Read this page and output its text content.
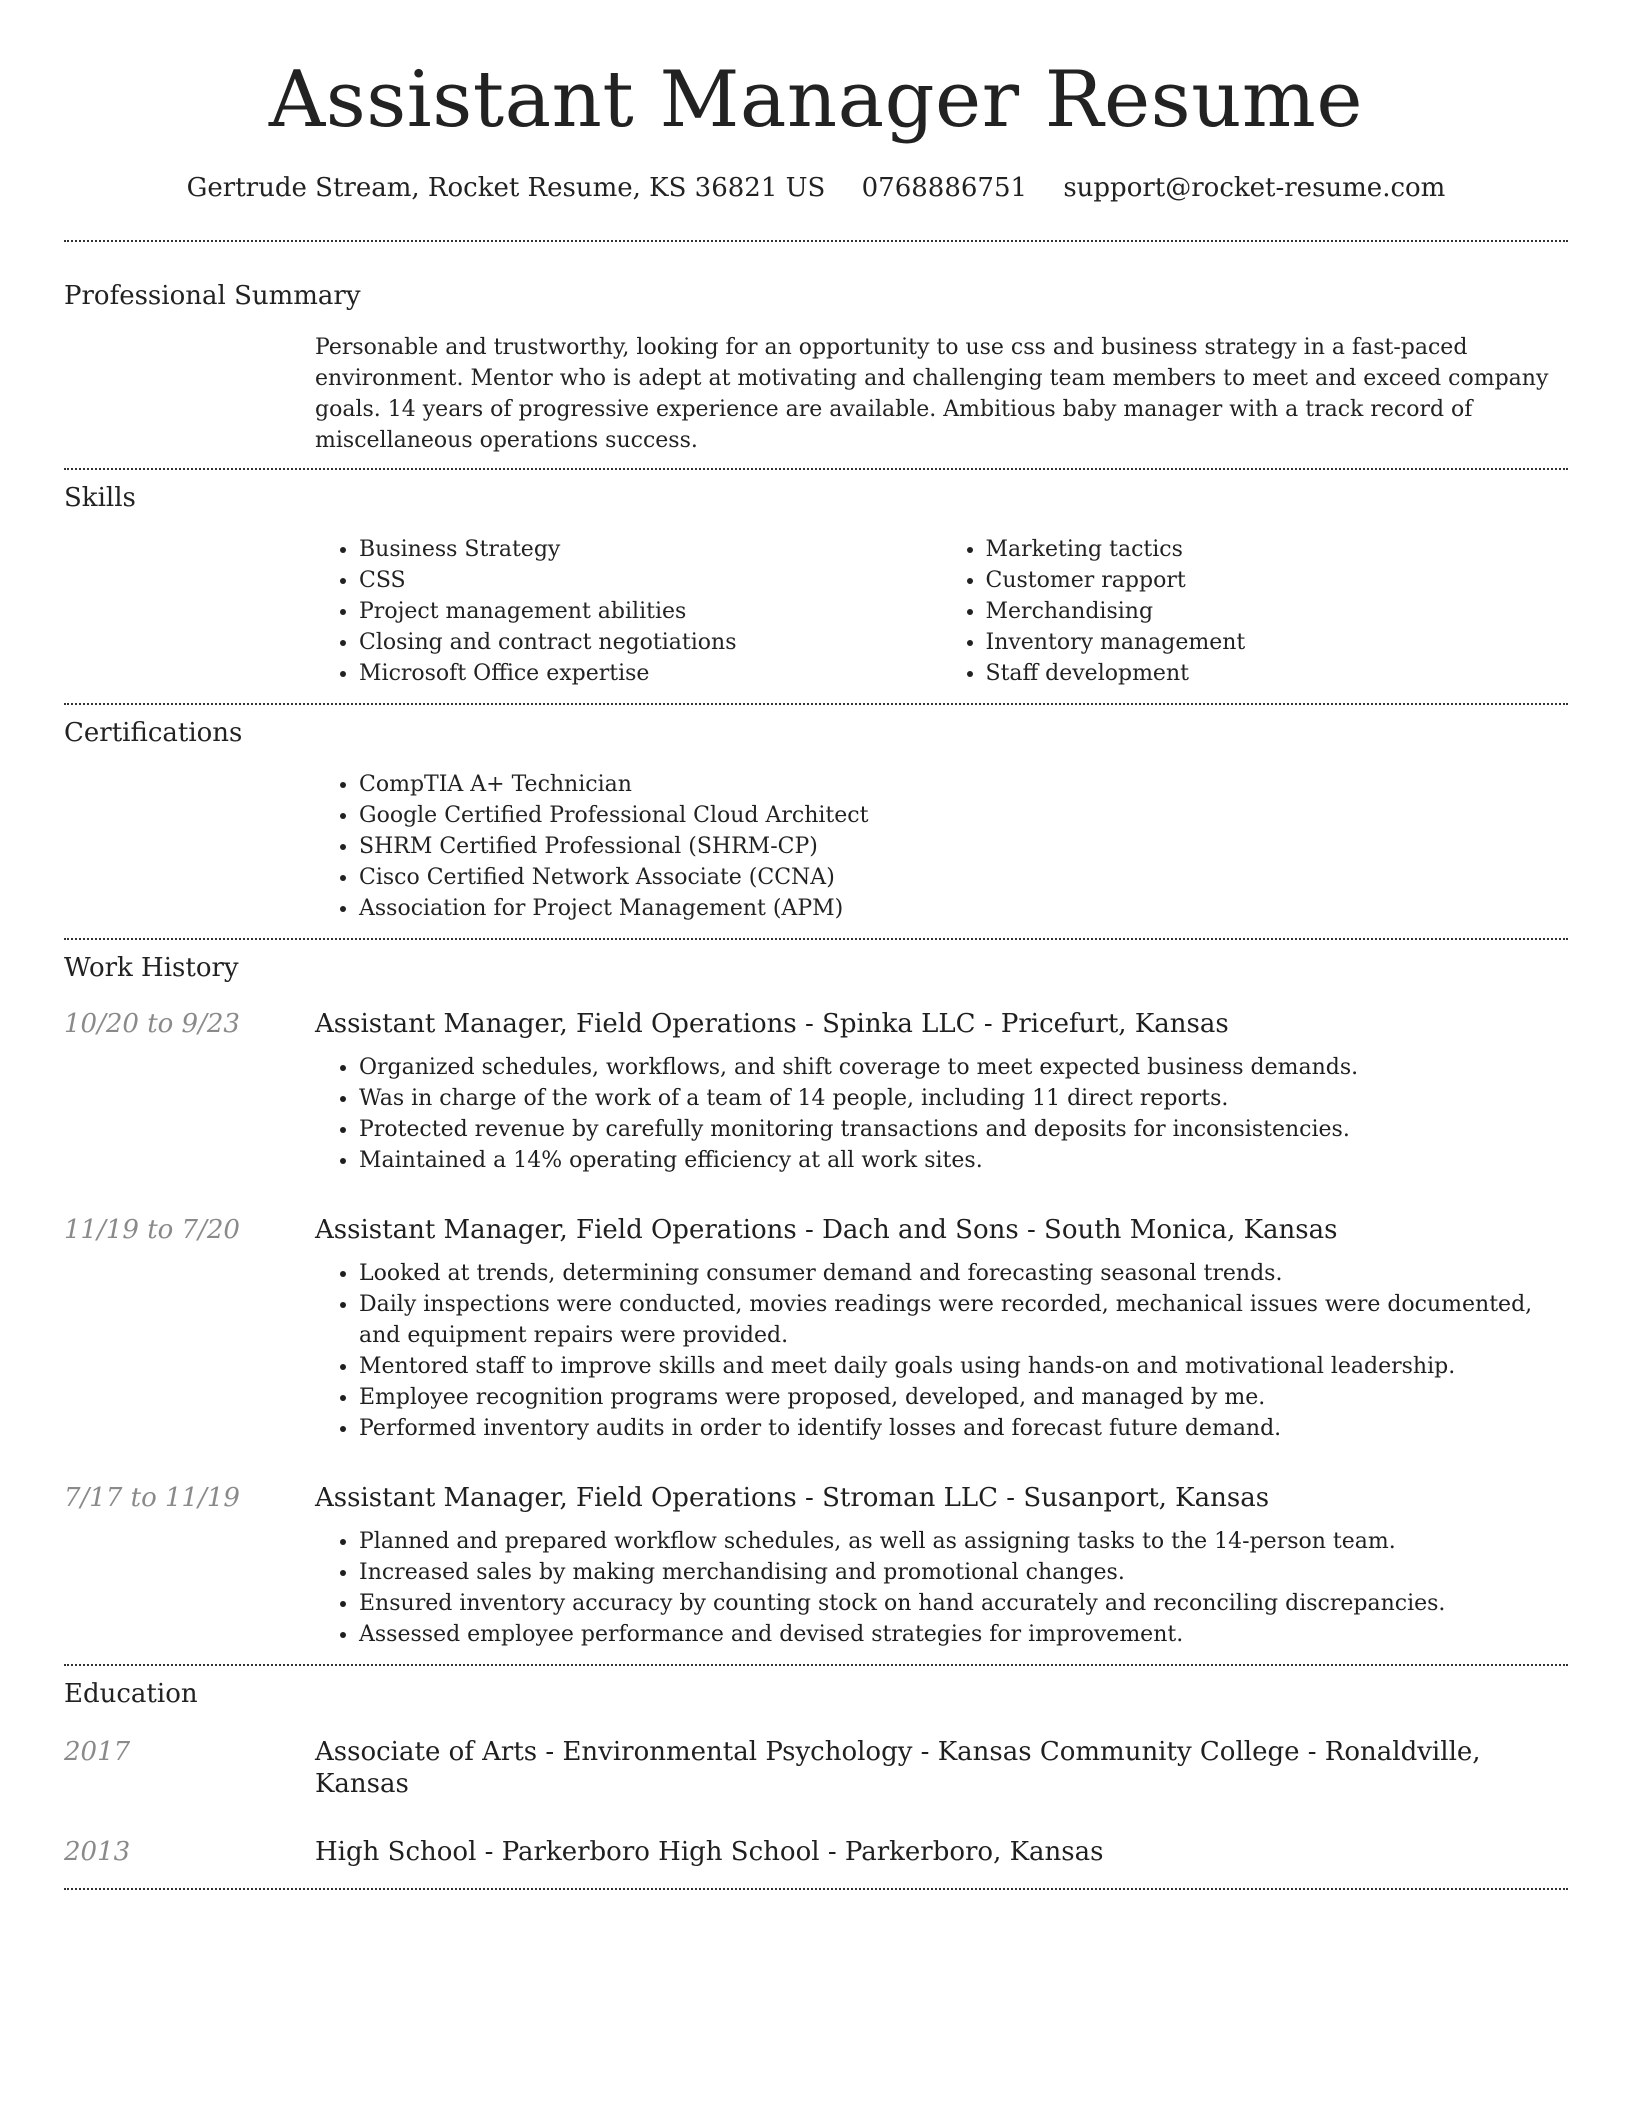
Assistant Manager Resume
Gertrude Stream, Rocket Resume, KS 36821 US 0768886751 support@rocket-resume.com
Professional Summary
Personable and trustworthy, looking for an opportunity to use css and business strategy in a fast-paced environment. Mentor who is adept at motivating and challenging team members to meet and exceed company goals. 14 years of progressive experience are available. Ambitious baby manager with a track record of miscellaneous operations success.
Skills
• Business Strategy
• CSS
• Project management abilities
• Closing and contract negotiations
• Microsoft Office expertise
• Marketing tactics
• Customer rapport
• Merchandising
• Inventory management
• Staff development
Certifications
• CompTIA A+ Technician
• Google Certified Professional Cloud Architect
• SHRM Certified Professional (SHRM-CP)
• Cisco Certified Network Associate (CCNA)
• Association for Project Management (APM)
Work History
10/20 to 9/23	Assistant Manager, Field Operations - Spinka LLC - Pricefurt, Kansas
• Organized schedules, workflows, and shift coverage to meet expected business demands.
• Was in charge of the work of a team of 14 people, including 11 direct reports.
• Protected revenue by carefully monitoring transactions and deposits for inconsistencies.
• Maintained a 14% operating efficiency at all work sites.
11/19 to 7/20	Assistant Manager, Field Operations - Dach and Sons - South Monica, Kansas
• Looked at trends, determining consumer demand and forecasting seasonal trends.
• Daily inspections were conducted, movies readings were recorded, mechanical issues were documented, and equipment repairs were provided.
• Mentored staff to improve skills and meet daily goals using hands-on and motivational leadership.
• Employee recognition programs were proposed, developed, and managed by me.
• Performed inventory audits in order to identify losses and forecast future demand.
7/17 to 11/19	Assistant Manager, Field Operations - Stroman LLC - Susanport, Kansas
• Planned and prepared workflow schedules, as well as assigning tasks to the 14-person team.
• Increased sales by making merchandising and promotional changes.
• Ensured inventory accuracy by counting stock on hand accurately and reconciling discrepancies.
• Assessed employee performance and devised strategies for improvement.
Education
2017	Associate of Arts - Environmental Psychology - Kansas Community College - Ronaldville, Kansas
2013	High School - Parkerboro High School - Parkerboro, Kansas
